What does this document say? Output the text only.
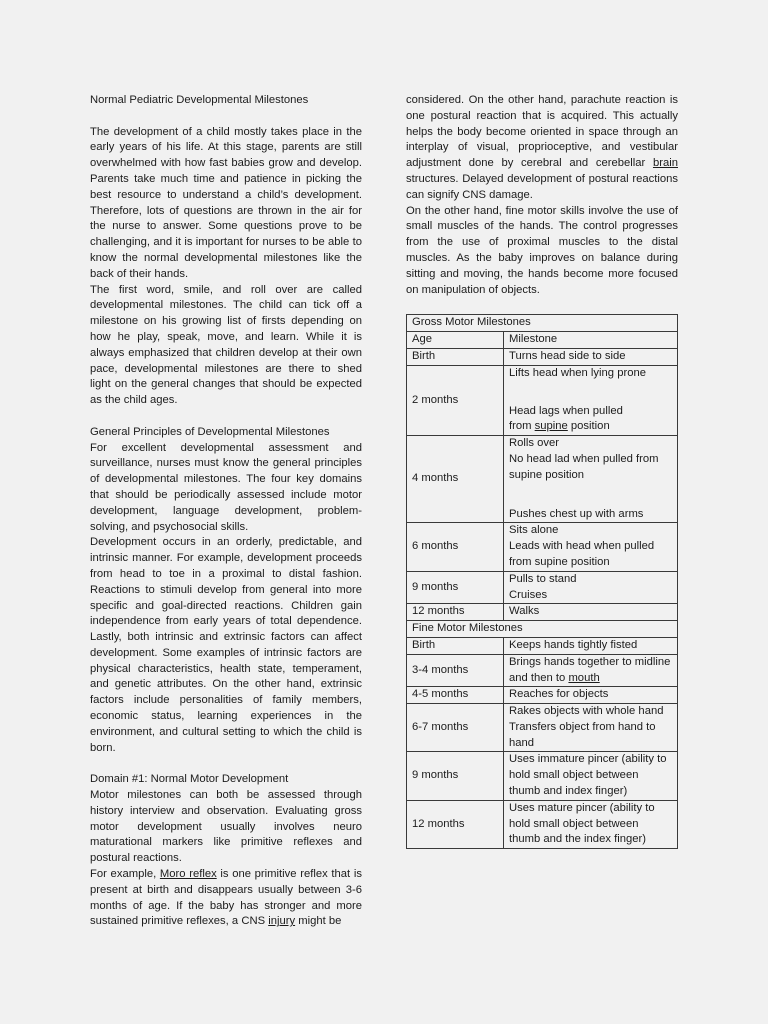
Normal Pediatric Developmental Milestones

The development of a child mostly takes place in the early years of his life. At this stage, parents are still overwhelmed with how fast babies grow and develop. Parents take much time and patience in picking the best resource to understand a child’s development. Therefore, lots of questions are thrown in the air for the nurse to answer. Some questions prove to be challenging, and it is important for nurses to be able to know the normal developmental milestones like the back of their hands.

The first word, smile, and roll over are called developmental milestones. The child can tick off a milestone on his growing list of firsts depending on how he play, speak, move, and learn. While it is always emphasized that children develop at their own pace, developmental milestones are there to shed light on the general changes that should be expected as the child ages.

General Principles of Developmental Milestones

For excellent developmental assessment and surveillance, nurses must know the general principles of developmental milestones. The four key domains that should be periodically assessed include motor development, language development, problem-solving, and psychosocial skills.

Development occurs in an orderly, predictable, and intrinsic manner. For example, development proceeds from head to toe in a proximal to distal fashion. Reactions to stimuli develop from general into more specific and goal-directed reactions. Children gain independence from early years of total dependence. Lastly, both intrinsic and extrinsic factors can affect development. Some examples of intrinsic factors are physical characteristics, health state, temperament, and genetic attributes. On the other hand, extrinsic factors include personalities of family members, economic status, learning experiences in the environment, and cultural setting to which the child is born.

Domain #1: Normal Motor Development

Motor milestones can both be assessed through history interview and observation. Evaluating gross motor development usually involves neuro maturational markers like primitive reflexes and postural reactions.

For example, Moro reflex is one primitive reflex that is present at birth and disappears usually between 3-6 months of age. If the baby has stronger and more sustained primitive reflexes, a CNS injury might be

considered. On the other hand, parachute reaction is one postural reaction that is acquired. This actually helps the body become oriented in space through an interplay of visual, proprioceptive, and vestibular adjustment done by cerebral and cerebellar brain structures. Delayed development of postural reactions can signify CNS damage.

On the other hand, fine motor skills involve the use of small muscles of the hands. The control progresses from the use of proximal muscles to the distal muscles. As the baby improves on balance during sitting and moving, the hands become more focused on manipulation of objects.

Gross Motor Milestones	
Age	Milestone
Birth	Turns head side to side
2 months	Lifts head when lying prone
Head lags when pulled
from supine position

4 months	Rolls over
No head lad when pulled from supine position
Pushes chest up with arms

6 months	Sits alone
Leads with head when pulled from supine position

9 months	Pulls to stand
Cruises

12 months	Walks
Fine Motor Milestones	
Birth	Keeps hands tightly fisted
3-4 months	Brings hands together to midline and then to mouth
4-5 months	Reaches for objects
6-7 months	Rakes objects with whole hand
Transfers object from hand to hand

9 months	Uses immature pincer (ability to hold small object between thumb and index finger)
12 months	Uses mature pincer (ability to hold small object between thumb and the index finger)
